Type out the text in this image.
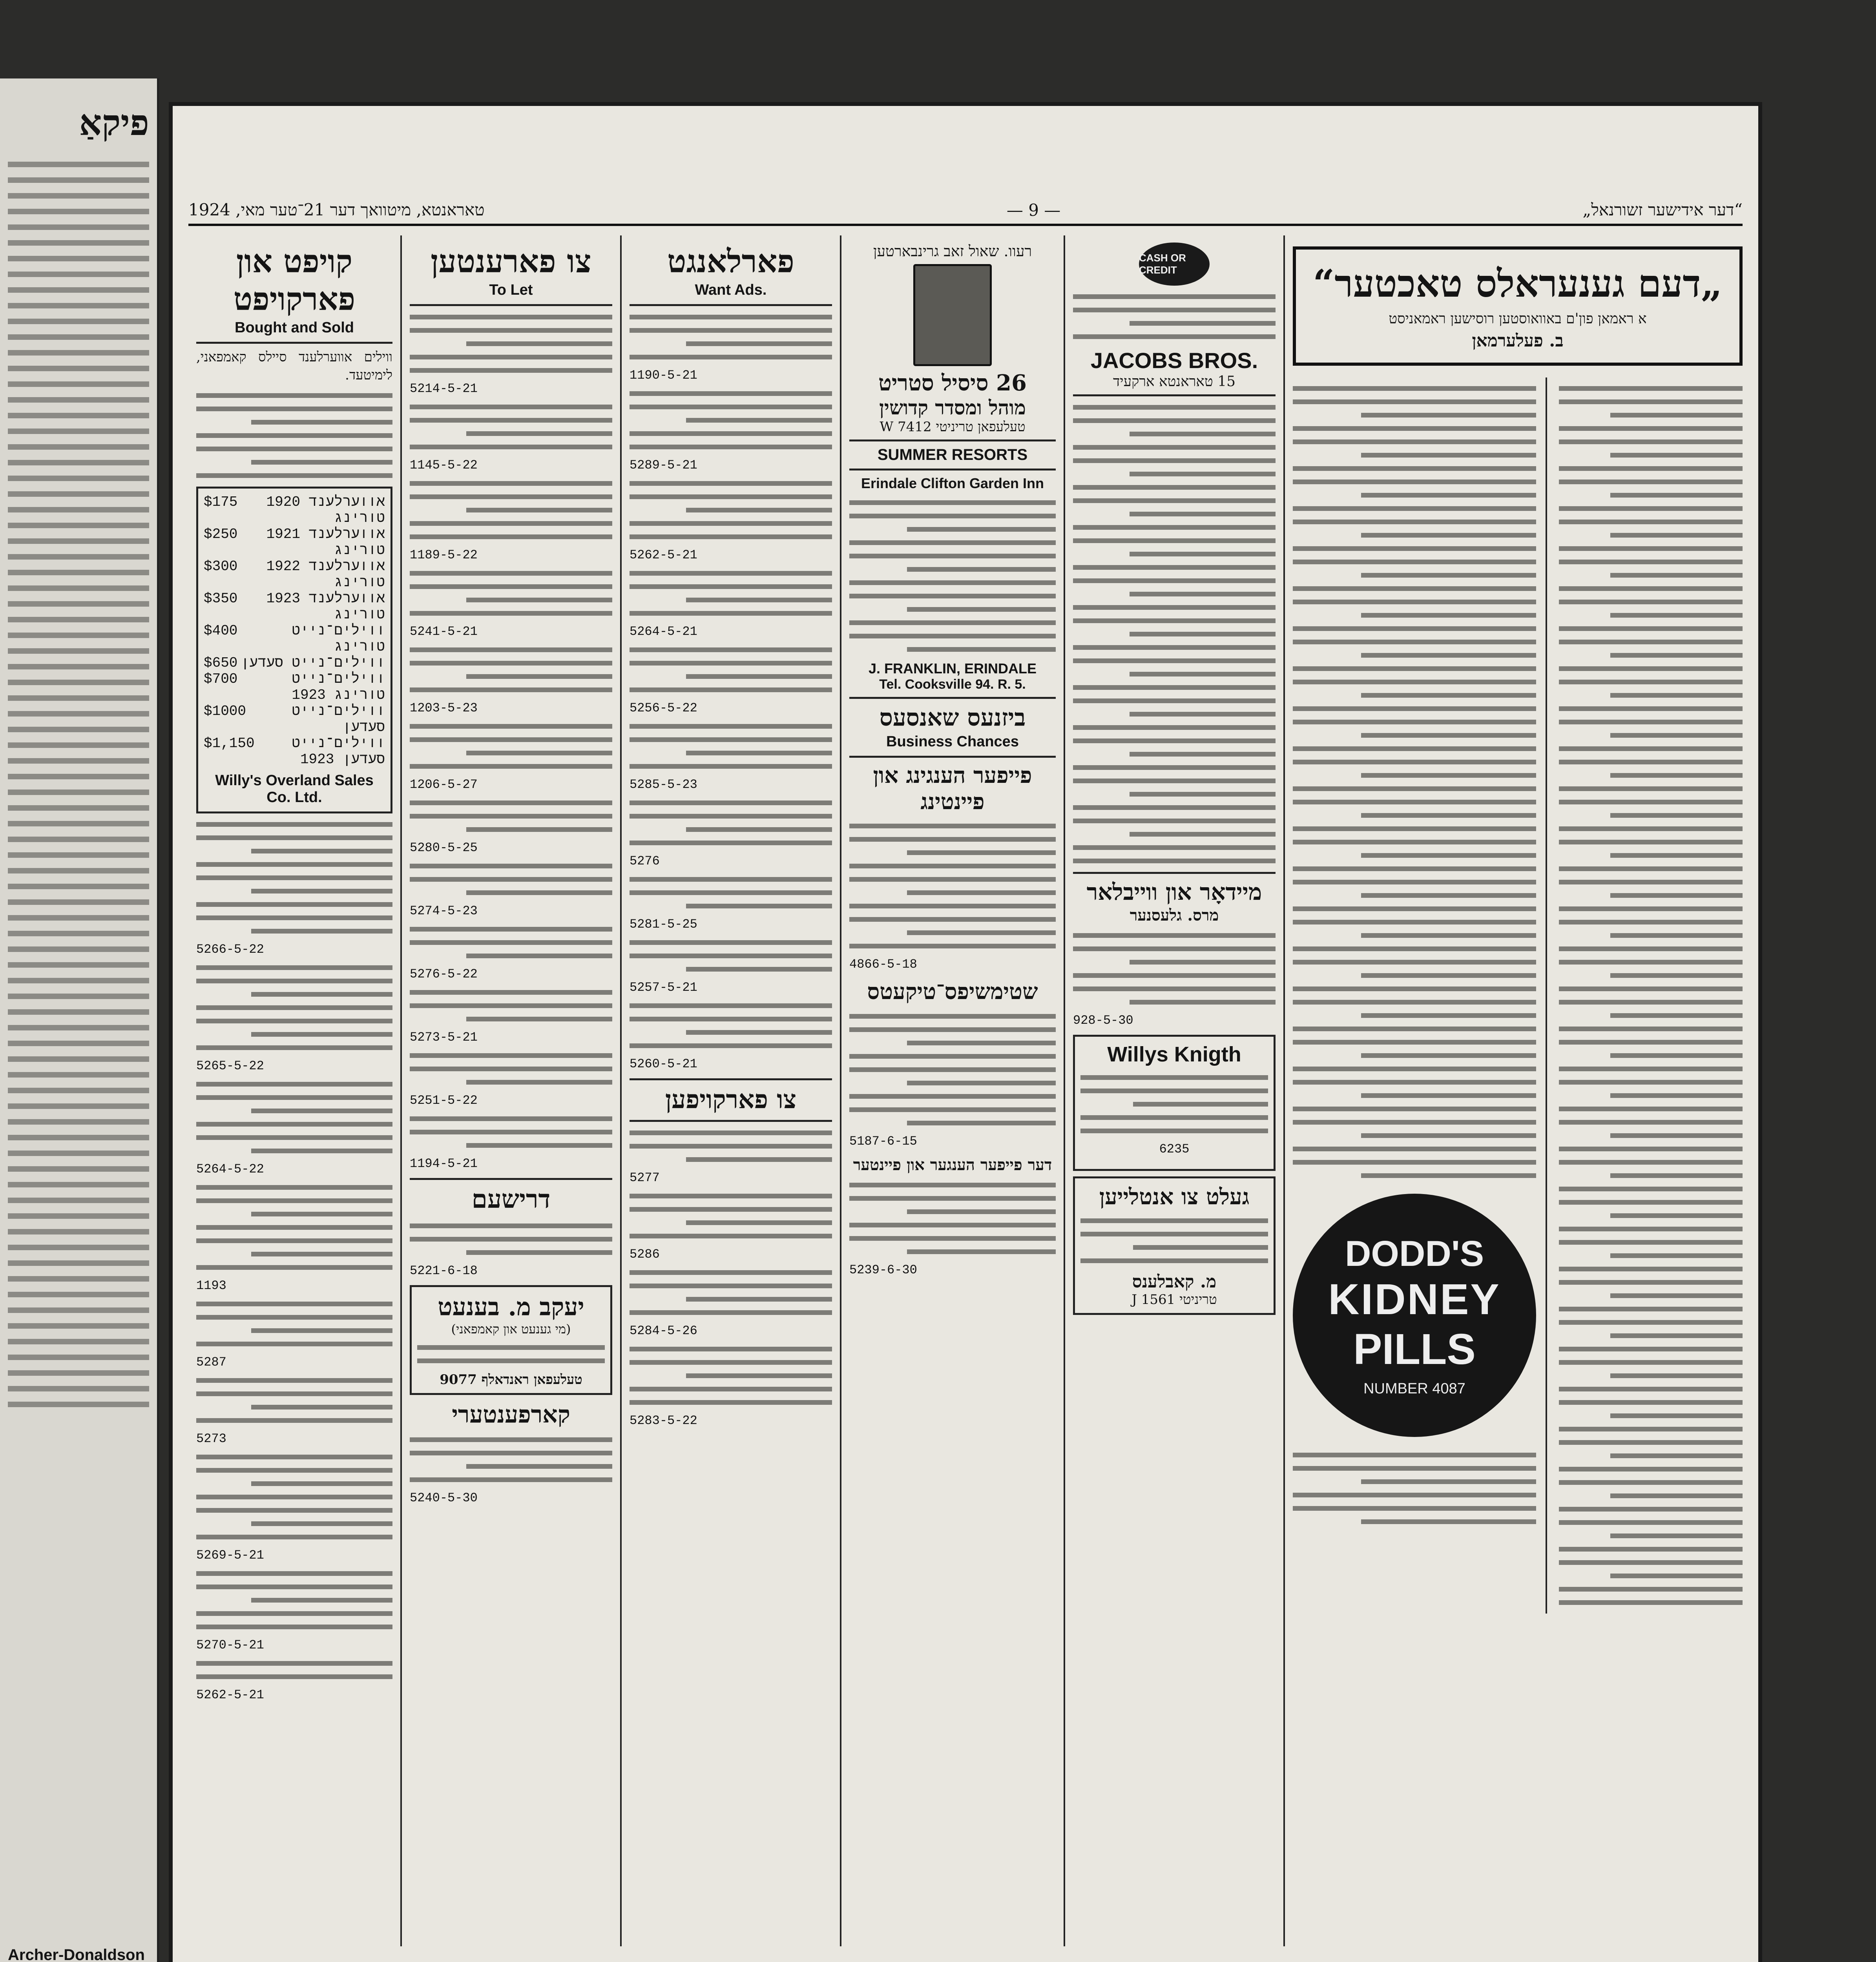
פיקאַ
Archer-Donaldson
טאראנטא, מיטוואך דער 21־טער מאי, 1924	— 9 —	„דער אידישער זשורנאל“
קויפט און פארקויפט
Bought and Sold

ווילים אווערלענד סיילס קאמפאני, לימיטעד.

$175	אווערלענד 1920 טורינג
$250	אווערלענד 1921 טורינג
$300	אווערלענד 1922 טורינג
$350	אווערלענד 1923 טורינג
$400	ווילים־נייט טורינג
$650 ווילים־נייט סעדען
$700	ווילים־נייט טורינג 1923
$1000	ווילים־נייט סעדען
$1,150	ווילים־נייט סעדען 1923
Willy's Overland Sales Co. Ltd.
5266-5-22
5265-5-22
5264-5-22
1193
5287
5273
5269-5-21
5270-5-21
5262-5-21
צו פארענטען
To Let
5214-5-21
1145-5-22
1189-5-22
5241-5-21
1203-5-23
1206-5-27
5280-5-25
5274-5-23
5276-5-22
5273-5-21
5251-5-22
1194-5-21
דרישעם
5221-6-18
יעקב מ. בענעט
(מי גענעט און קאמפאני)
טעלעפאן ראנדאלף 9077
קארפענטערי
5240-5-30
פארלאנגט
Want Ads.
1190-5-21
5289-5-21
5262-5-21
5264-5-21
5256-5-22
5285-5-23
5276
5281-5-25
5257-5-21
5260-5-21
צו פארקויפען
5277
5286
5284-5-26
5283-5-22
רעוו. שאול זאב גרינבארטען
26 סיסיל סטריט
מוהל ומסדר קדושין
טעלעפאן טריניטי W 7412
SUMMER RESORTS
Erindale Clifton Garden Inn
J. FRANKLIN, ERINDALE
Tel. Cooksville 94. R. 5.
ביזנעס שאנסעס
Business Chances
פייפער הענגינג און פיינטינג
4866-5-18
שטימשיפס־טיקעטס
5187-6-15
דער פייפער הענגער און פיינטער
5239-6-30
CASH OR CREDIT
JACOBS BROS.
15 טאראנטא ארקעיד
מיידאָר און ווייבלאר
מרס. גלעסנער
928-5-30
Willys Knigth
6235
געלט צו אנטלייען
מ. קאבלענס
טריניטי J 1561
„דעם גענעראלס טאכטער“
א ראמאן פון'ם באוואוסטען רוסישען ראמאניסט
ב. פעלערמאן
DODD'S
KIDNEY
PILLS
NUMBER 4087
